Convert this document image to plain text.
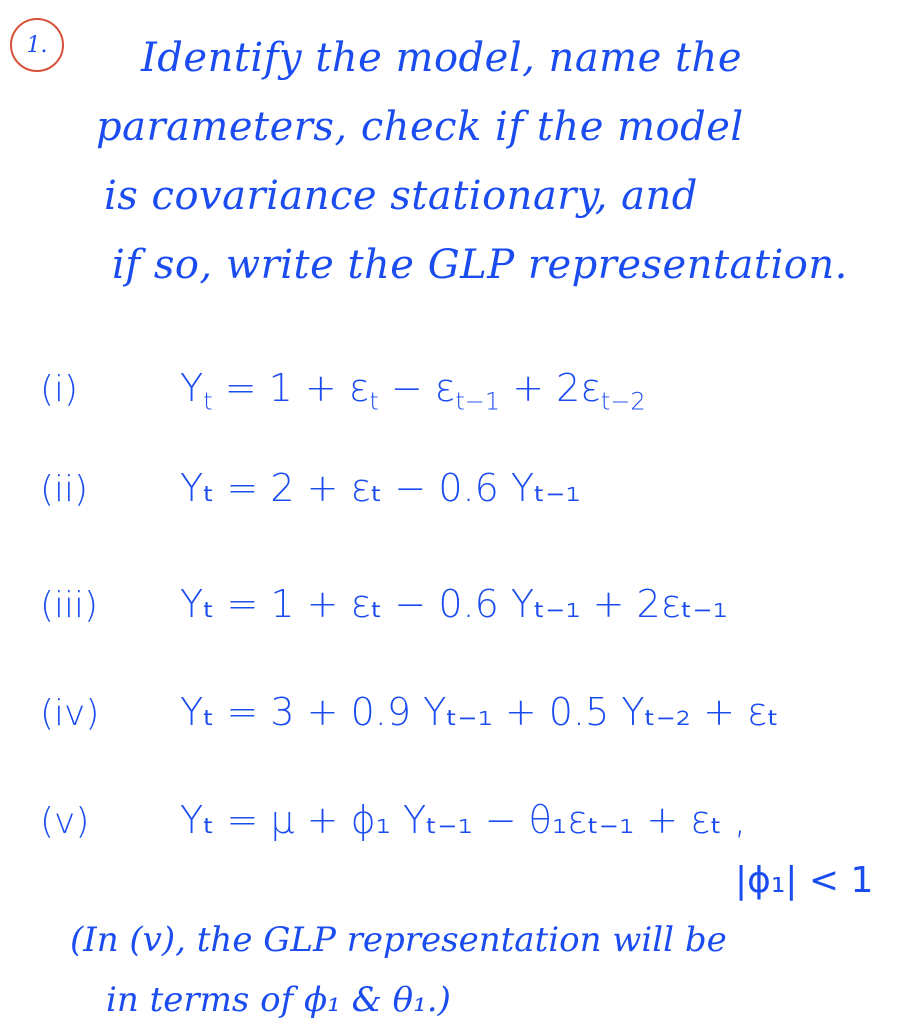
1.	Identify the model, name the
parameters, check if the model
is covariance stationary, and
if so, write the GLP representation.
(i)	$Y_t = 1 + \varepsilon_t - \varepsilon_{t-1} + 2\varepsilon_{t-2}$
(ii) Yₜ = 2 + εₜ − 0.6 Yₜ₋₁
(iii) Yₜ = 1 + εₜ − 0.6 Yₜ₋₁ + 2εₜ₋₁
(iv) Yₜ = 3 + 0.9 Yₜ₋₁ + 0.5 Yₜ₋₂ + εₜ
(v) Yₜ = μ + ϕ₁ Yₜ₋₁ − θ₁εₜ₋₁ + εₜ ,
|ϕ₁| < 1
(In (v), the GLP representation will be
in terms of ϕ₁ & θ₁.)
